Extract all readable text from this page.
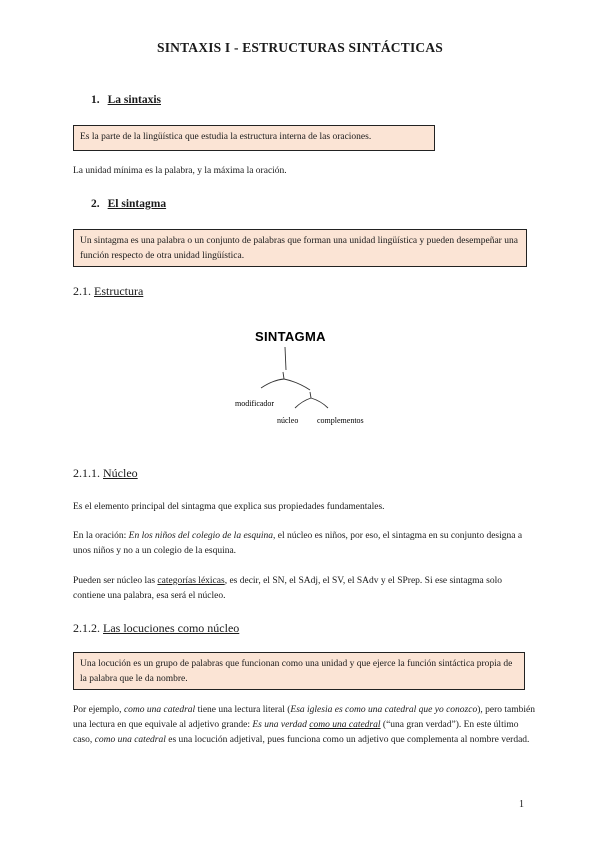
SINTAXIS I - ESTRUCTURAS SINTÁCTICAS
1. La sintaxis
Es la parte de la lingüística que estudia la estructura interna de las oraciones.
La unidad mínima es la palabra, y la máxima la oración.
2. El sintagma
Un sintagma es una palabra o un conjunto de palabras que forman una unidad lingüística y pueden desempeñar una función respecto de otra unidad lingüística.
2.1. Estructura
SINTAGMA
modificador
núcleo complementos
2.1.1. Núcleo
Es el elemento principal del sintagma que explica sus propiedades fundamentales.
En la oración: En los niños del colegio de la esquina, el núcleo es niños, por eso, el sintagma en su conjunto designa a unos niños y no a un colegio de la esquina.
Pueden ser núcleo las categorías léxicas, es decir, el SN, el SAdj, el SV, el SAdv y el SPrep. Si ese sintagma solo contiene una palabra, esa será el núcleo.
2.1.2. Las locuciones como núcleo
Una locución es un grupo de palabras que funcionan como una unidad y que ejerce la función sintáctica propia de la palabra que le da nombre.
Por ejemplo, como una catedral tiene una lectura literal (Esa iglesia es como una catedral que yo conozco), pero también una lectura en que equivale al adjetivo grande: Es una verdad como una catedral (“una gran verdad”). En este último caso, como una catedral es una locución adjetival, pues funciona como un adjetivo que complementa al nombre verdad.
1
